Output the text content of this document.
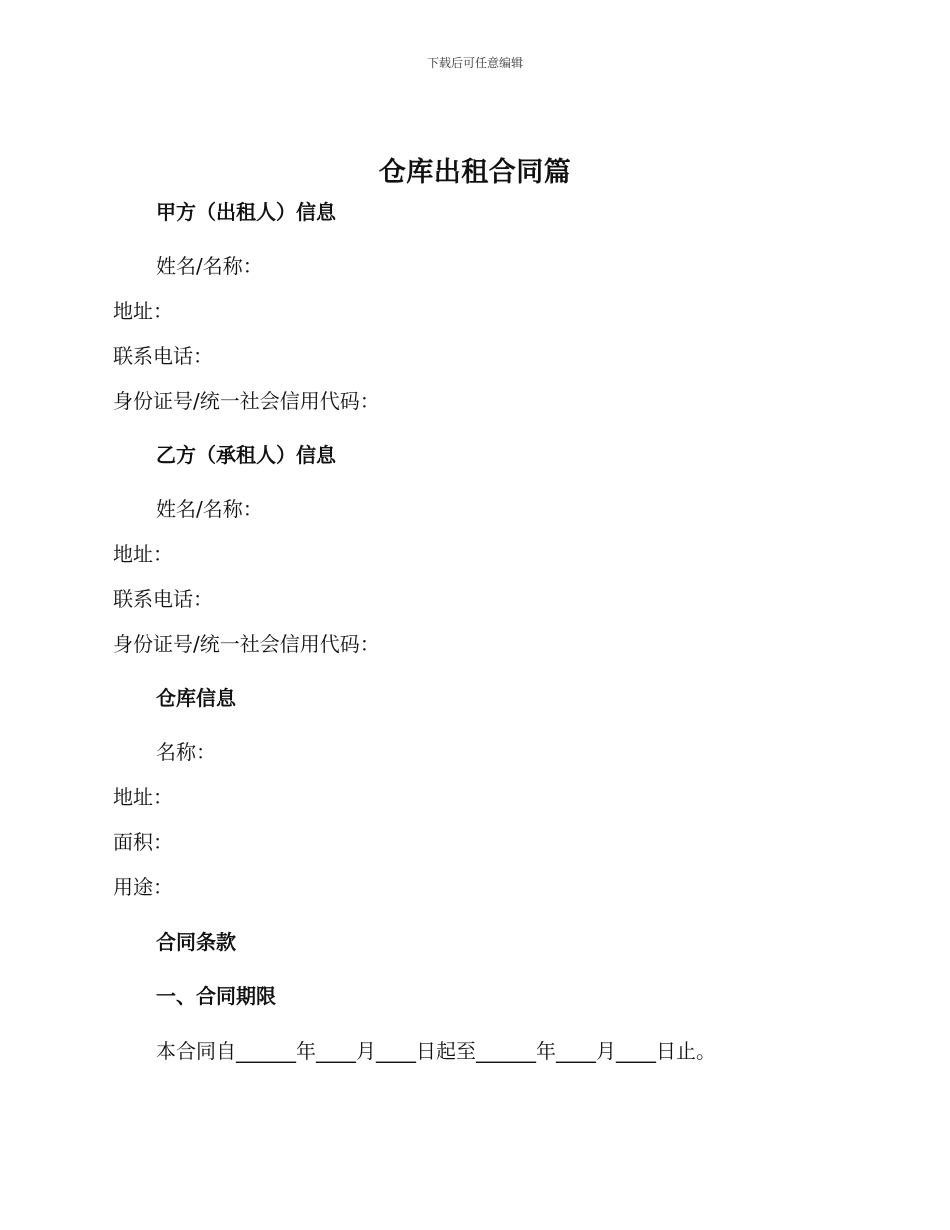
下载后可任意编辑
仓库出租合同篇
甲方（出租人）信息
姓名/名称：
地址：
联系电话：
身份证号/统一社会信用代码：
乙方（承租人）信息
姓名/名称：
地址：
联系电话：
身份证号/统一社会信用代码：
仓库信息
名称：
地址：
面积：
用途：
合同条款
一、合同期限
本合同自______年____月____日起至______年____月____日止。
